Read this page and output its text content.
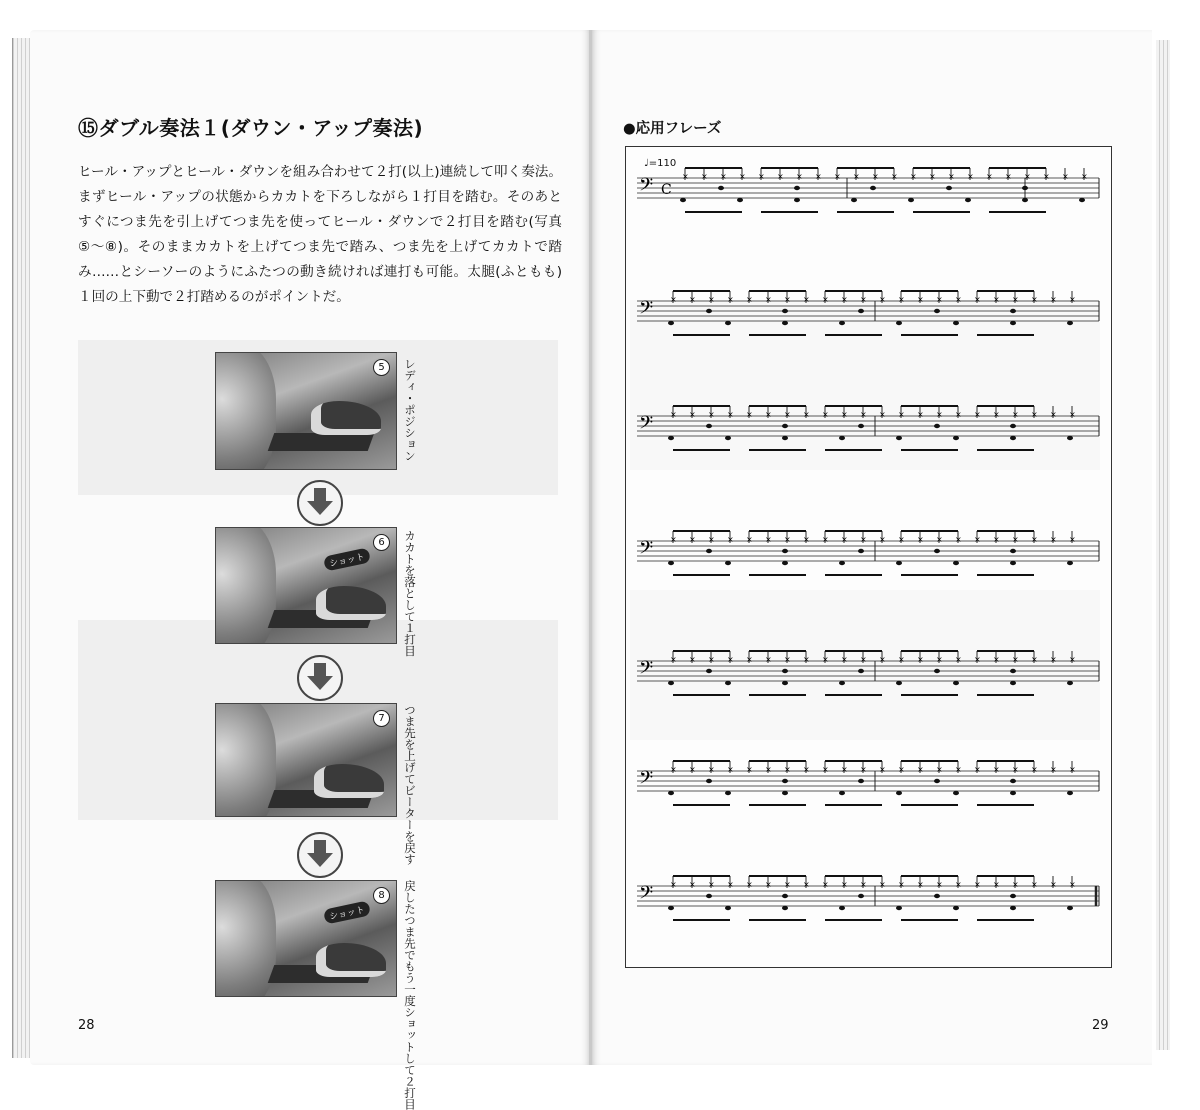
⑮ダブル奏法１(ダウン・アップ奏法)
ヒール・アップとヒール・ダウンを組み合わせて２打(以上)連続して叩く奏法。まずヒール・アップの状態からカカトを下ろしながら１打目を踏む。そのあとすぐにつま先を引上げてつま先を使ってヒール・ダウンで２打目を踏む(写真⑤〜⑧)。そのままカカトを上げてつま先で踏み、つま先を上げてカカトで踏み……とシーソーのようにふたつの動き続ければ連打も可能。太腿(ふともも)１回の上下動で２打踏めるのがポイントだ。
5	レディ・ポジション
ショット
6	カカトを落として１打目
7	つま先を上げてビーターを戻す
ショット
8	戻したつま先でもう一度ショットして２打目
28
●応用フレーズ
𝄢 C
× × × × × × × × × × × × × × × × × × × × × ×
𝄢 × × × × × × × × × × × × × × × × × × × × × ×
𝄢 × × × × × × × × × × × × × × × × × × × × × ×
𝄢 × × × × × × × × × × × × × × × × × × × × × ×
𝄢 × × × × × × × × × × × × × × × × × × × × × ×
𝄢 × × × × × × × × × × × × × × × × × × × × × ×
𝄢 × × × × × × × × × × × × × × × × × × × × × ×
♩=110
29
